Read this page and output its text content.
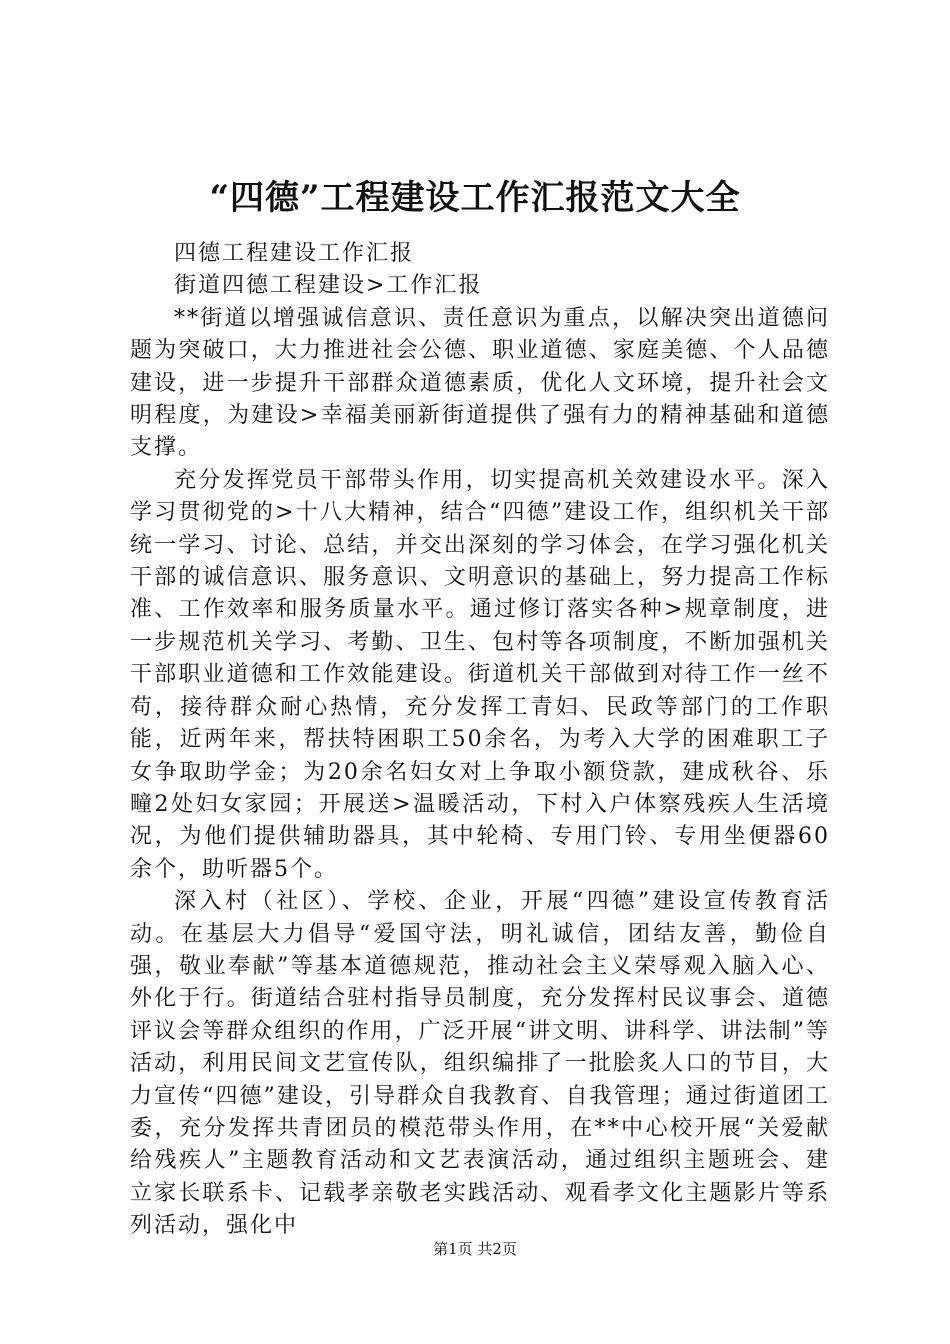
“四德”工程建设工作汇报范文大全

四德工程建设工作汇报

街道四德工程建设>工作汇报

**街道以增强诚信意识、责任意识为重点，以解决突出道德问题为突破口，大力推进社会公德、职业道德、家庭美德、个人品德建设，进一步提升干部群众道德素质，优化人文环境，提升社会文明程度，为建设>幸福美丽新街道提供了强有力的精神基础和道德支撑。

充分发挥党员干部带头作用，切实提高机关效建设水平。深入学习贯彻党的>十八大精神，结合“四德”建设工作，组织机关干部统一学习、讨论、总结，并交出深刻的学习体会，在学习强化机关干部的诚信意识、服务意识、文明意识的基础上，努力提高工作标准、工作效率和服务质量水平。通过修订落实各种>规章制度，进一步规范机关学习、考勤、卫生、包村等各项制度，不断加强机关干部职业道德和工作效能建设。街道机关干部做到对待工作一丝不苟，接待群众耐心热情，充分发挥工青妇、民政等部门的工作职能，近两年来，帮扶特困职工50余名，为考入大学的困难职工子女争取助学金；为20余名妇女对上争取小额贷款，建成秋谷、乐疃2处妇女家园；开展送>温暖活动，下村入户体察残疾人生活境况，为他们提供辅助器具，其中轮椅、专用门铃、专用坐便器60余个，助听器5个。

深入村（社区）、学校、企业，开展“四德”建设宣传教育活动。在基层大力倡导“爱国守法，明礼诚信，团结友善，勤俭自强，敬业奉献”等基本道德规范，推动社会主义荣辱观入脑入心、外化于行。街道结合驻村指导员制度，充分发挥村民议事会、道德评议会等群众组织的作用，广泛开展“讲文明、讲科学、讲法制”等活动，利用民间文艺宣传队，组织编排了一批脍炙人口的节目，大力宣传“四德”建设，引导群众自我教育、自我管理；通过街道团工委，充分发挥共青团员的模范带头作用，在**中心校开展“关爱献给残疾人”主题教育活动和文艺表演活动，通过组织主题班会、建立家长联系卡、记载孝亲敬老实践活动、观看孝文化主题影片等系列活动，强化中

第1页 共2页
